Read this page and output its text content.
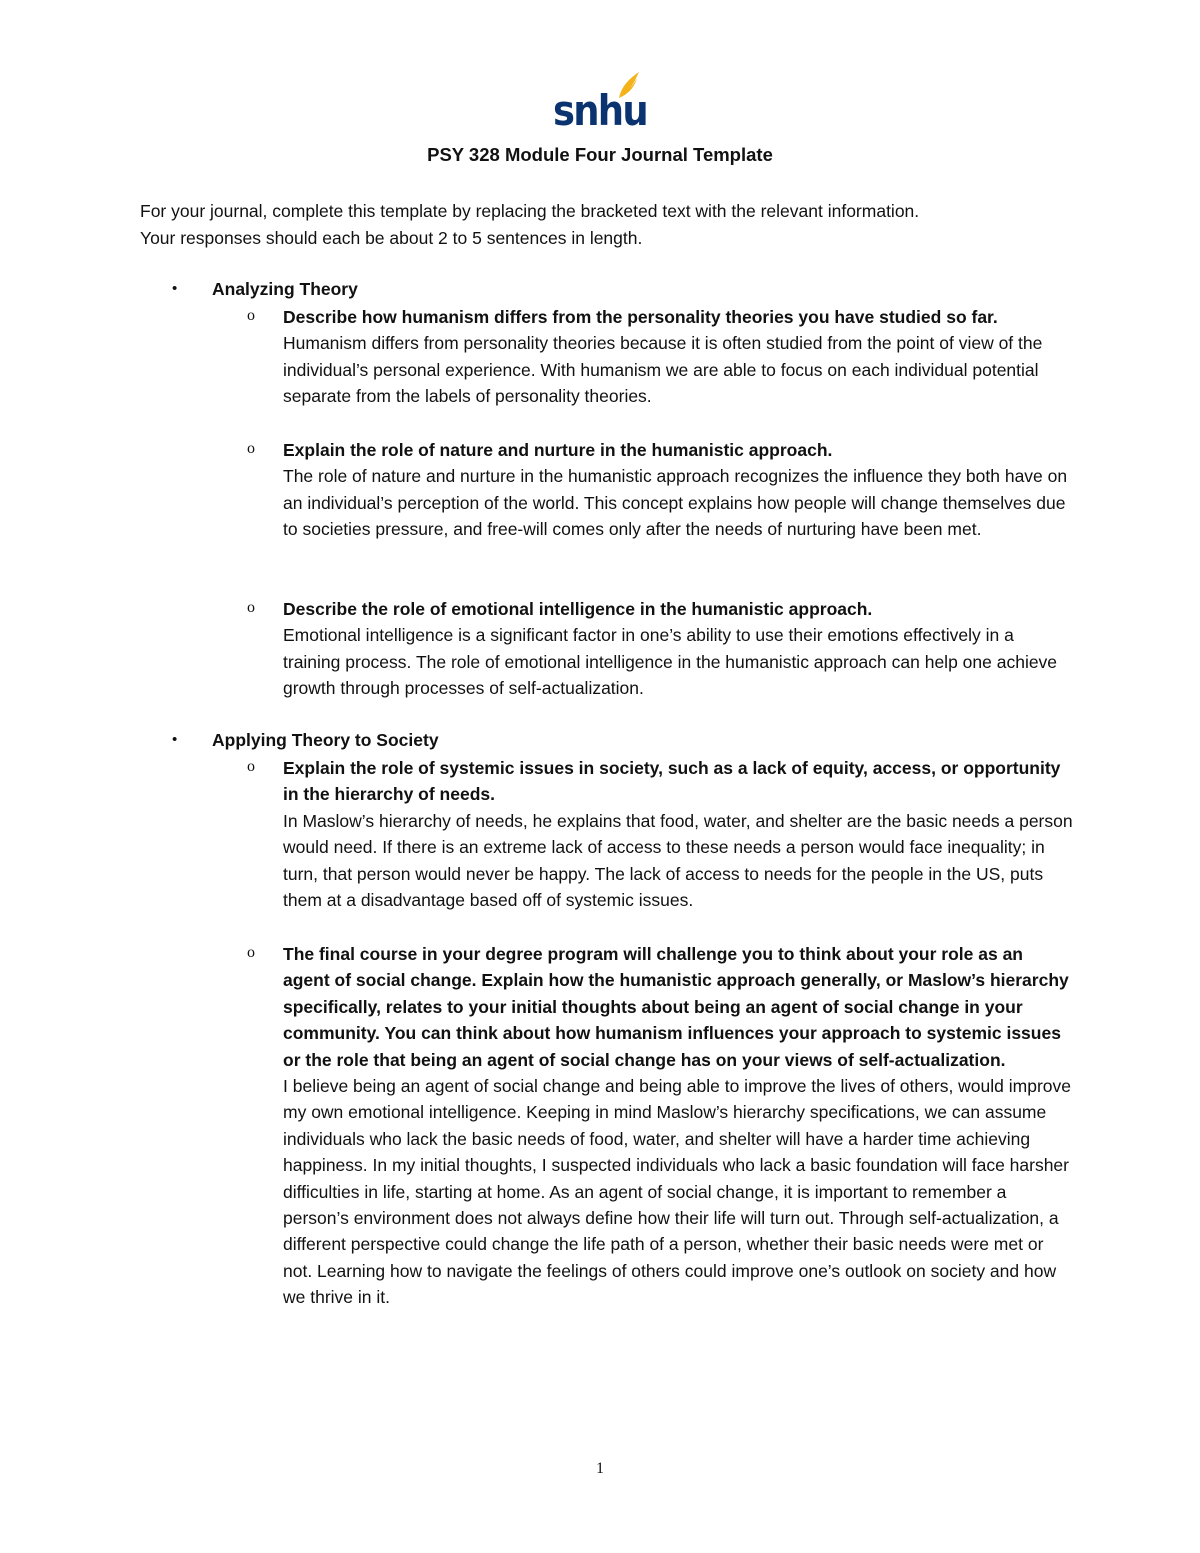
snhu
PSY 328 Module Four Journal Template

For your journal, complete this template by replacing the bracketed text with the relevant information.

Your responses should each be about 2 to 5 sentences in length.

• Analyzing Theory
o Describe how humanism differs from the personality theories you have studied so far.
Humanism differs from personality theories because it is often studied from the point of view of the individual’s personal experience. With humanism we are able to focus on each individual potential separate from the labels of personality theories.
o Explain the role of nature and nurture in the humanistic approach.
The role of nature and nurture in the humanistic approach recognizes the influence they both have on an individual’s perception of the world. This concept explains how people will change themselves due to societies pressure, and free-will comes only after the needs of nurturing have been met.
o Describe the role of emotional intelligence in the humanistic approach.
Emotional intelligence is a significant factor in one’s ability to use their emotions effectively in a training process. The role of emotional intelligence in the humanistic approach can help one achieve growth through processes of self-actualization.
• Applying Theory to Society
o Explain the role of systemic issues in society, such as a lack of equity, access, or opportunity in the hierarchy of needs.
In Maslow’s hierarchy of needs, he explains that food, water, and shelter are the basic needs a person would need. If there is an extreme lack of access to these needs a person would face inequality; in turn, that person would never be happy. The lack of access to needs for the people in the US, puts them at a disadvantage based off of systemic issues.
o The final course in your degree program will challenge you to think about your role as an agent of social change. Explain how the humanistic approach generally, or Maslow’s hierarchy specifically, relates to your initial thoughts about being an agent of social change in your community. You can think about how humanism influences your approach to systemic issues or the role that being an agent of social change has on your views of self-actualization.
I believe being an agent of social change and being able to improve the lives of others, would improve my own emotional intelligence. Keeping in mind Maslow’s hierarchy specifications, we can assume individuals who lack the basic needs of food, water, and shelter will have a harder time achieving happiness. In my initial thoughts, I suspected individuals who lack a basic foundation will face harsher difficulties in life, starting at home. As an agent of social change, it is important to remember a person’s environment does not always define how their life will turn out. Through self-actualization, a different perspective could change the life path of a person, whether their basic needs were met or not. Learning how to navigate the feelings of others could improve one’s outlook on society and how we thrive in it.
1
